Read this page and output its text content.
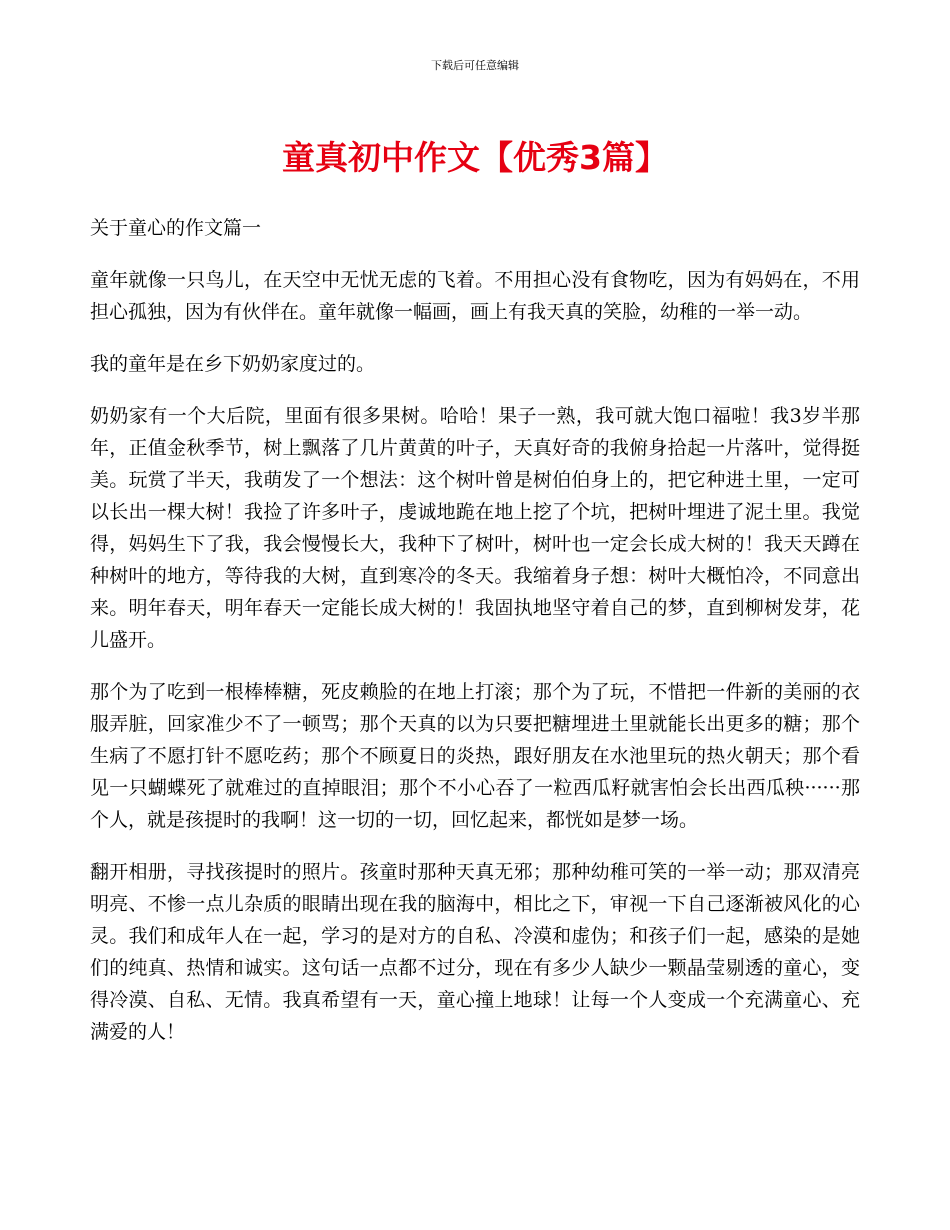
下载后可任意编辑
童真初中作文【优秀3篇】

关于童心的作文篇一

童年就像一只鸟儿，在天空中无忧无虑的飞着。不用担心没有食物吃，因为有妈妈在，不用担心孤独，因为有伙伴在。童年就像一幅画，画上有我天真的笑脸，幼稚的一举一动。

我的童年是在乡下奶奶家度过的。

奶奶家有一个大后院，里面有很多果树。哈哈！果子一熟，我可就大饱口福啦！我3岁半那年，正值金秋季节，树上飘落了几片黄黄的叶子，天真好奇的我俯身拾起一片落叶，觉得挺美。玩赏了半天，我萌发了一个想法：这个树叶曾是树伯伯身上的，把它种进土里，一定可以长出一棵大树！我捡了许多叶子，虔诚地跪在地上挖了个坑，把树叶埋进了泥土里。我觉得，妈妈生下了我，我会慢慢长大，我种下了树叶，树叶也一定会长成大树的！我天天蹲在种树叶的地方，等待我的大树，直到寒冷的冬天。我缩着身子想：树叶大概怕冷，不同意出来。明年春天，明年春天一定能长成大树的！我固执地坚守着自己的梦，直到柳树发芽，花儿盛开。

那个为了吃到一根棒棒糖，死皮赖脸的在地上打滚；那个为了玩，不惜把一件新的美丽的衣服弄脏，回家准少不了一顿骂；那个天真的以为只要把糖埋进土里就能长出更多的糖；那个生病了不愿打针不愿吃药；那个不顾夏日的炎热，跟好朋友在水池里玩的热火朝天；那个看见一只蝴蝶死了就难过的直掉眼泪；那个不小心吞了一粒西瓜籽就害怕会长出西瓜秧······那个人，就是孩提时的我啊！这一切的一切，回忆起来，都恍如是梦一场。

翻开相册，寻找孩提时的照片。孩童时那种天真无邪；那种幼稚可笑的一举一动；那双清亮明亮、不惨一点儿杂质的眼睛出现在我的脑海中，相比之下，审视一下自己逐渐被风化的心灵。我们和成年人在一起，学习的是对方的自私、冷漠和虚伪；和孩子们一起，感染的是她们的纯真、热情和诚实。这句话一点都不过分，现在有多少人缺少一颗晶莹剔透的童心，变得冷漠、自私、无情。我真希望有一天，童心撞上地球！让每一个人变成一个充满童心、充满爱的人！
